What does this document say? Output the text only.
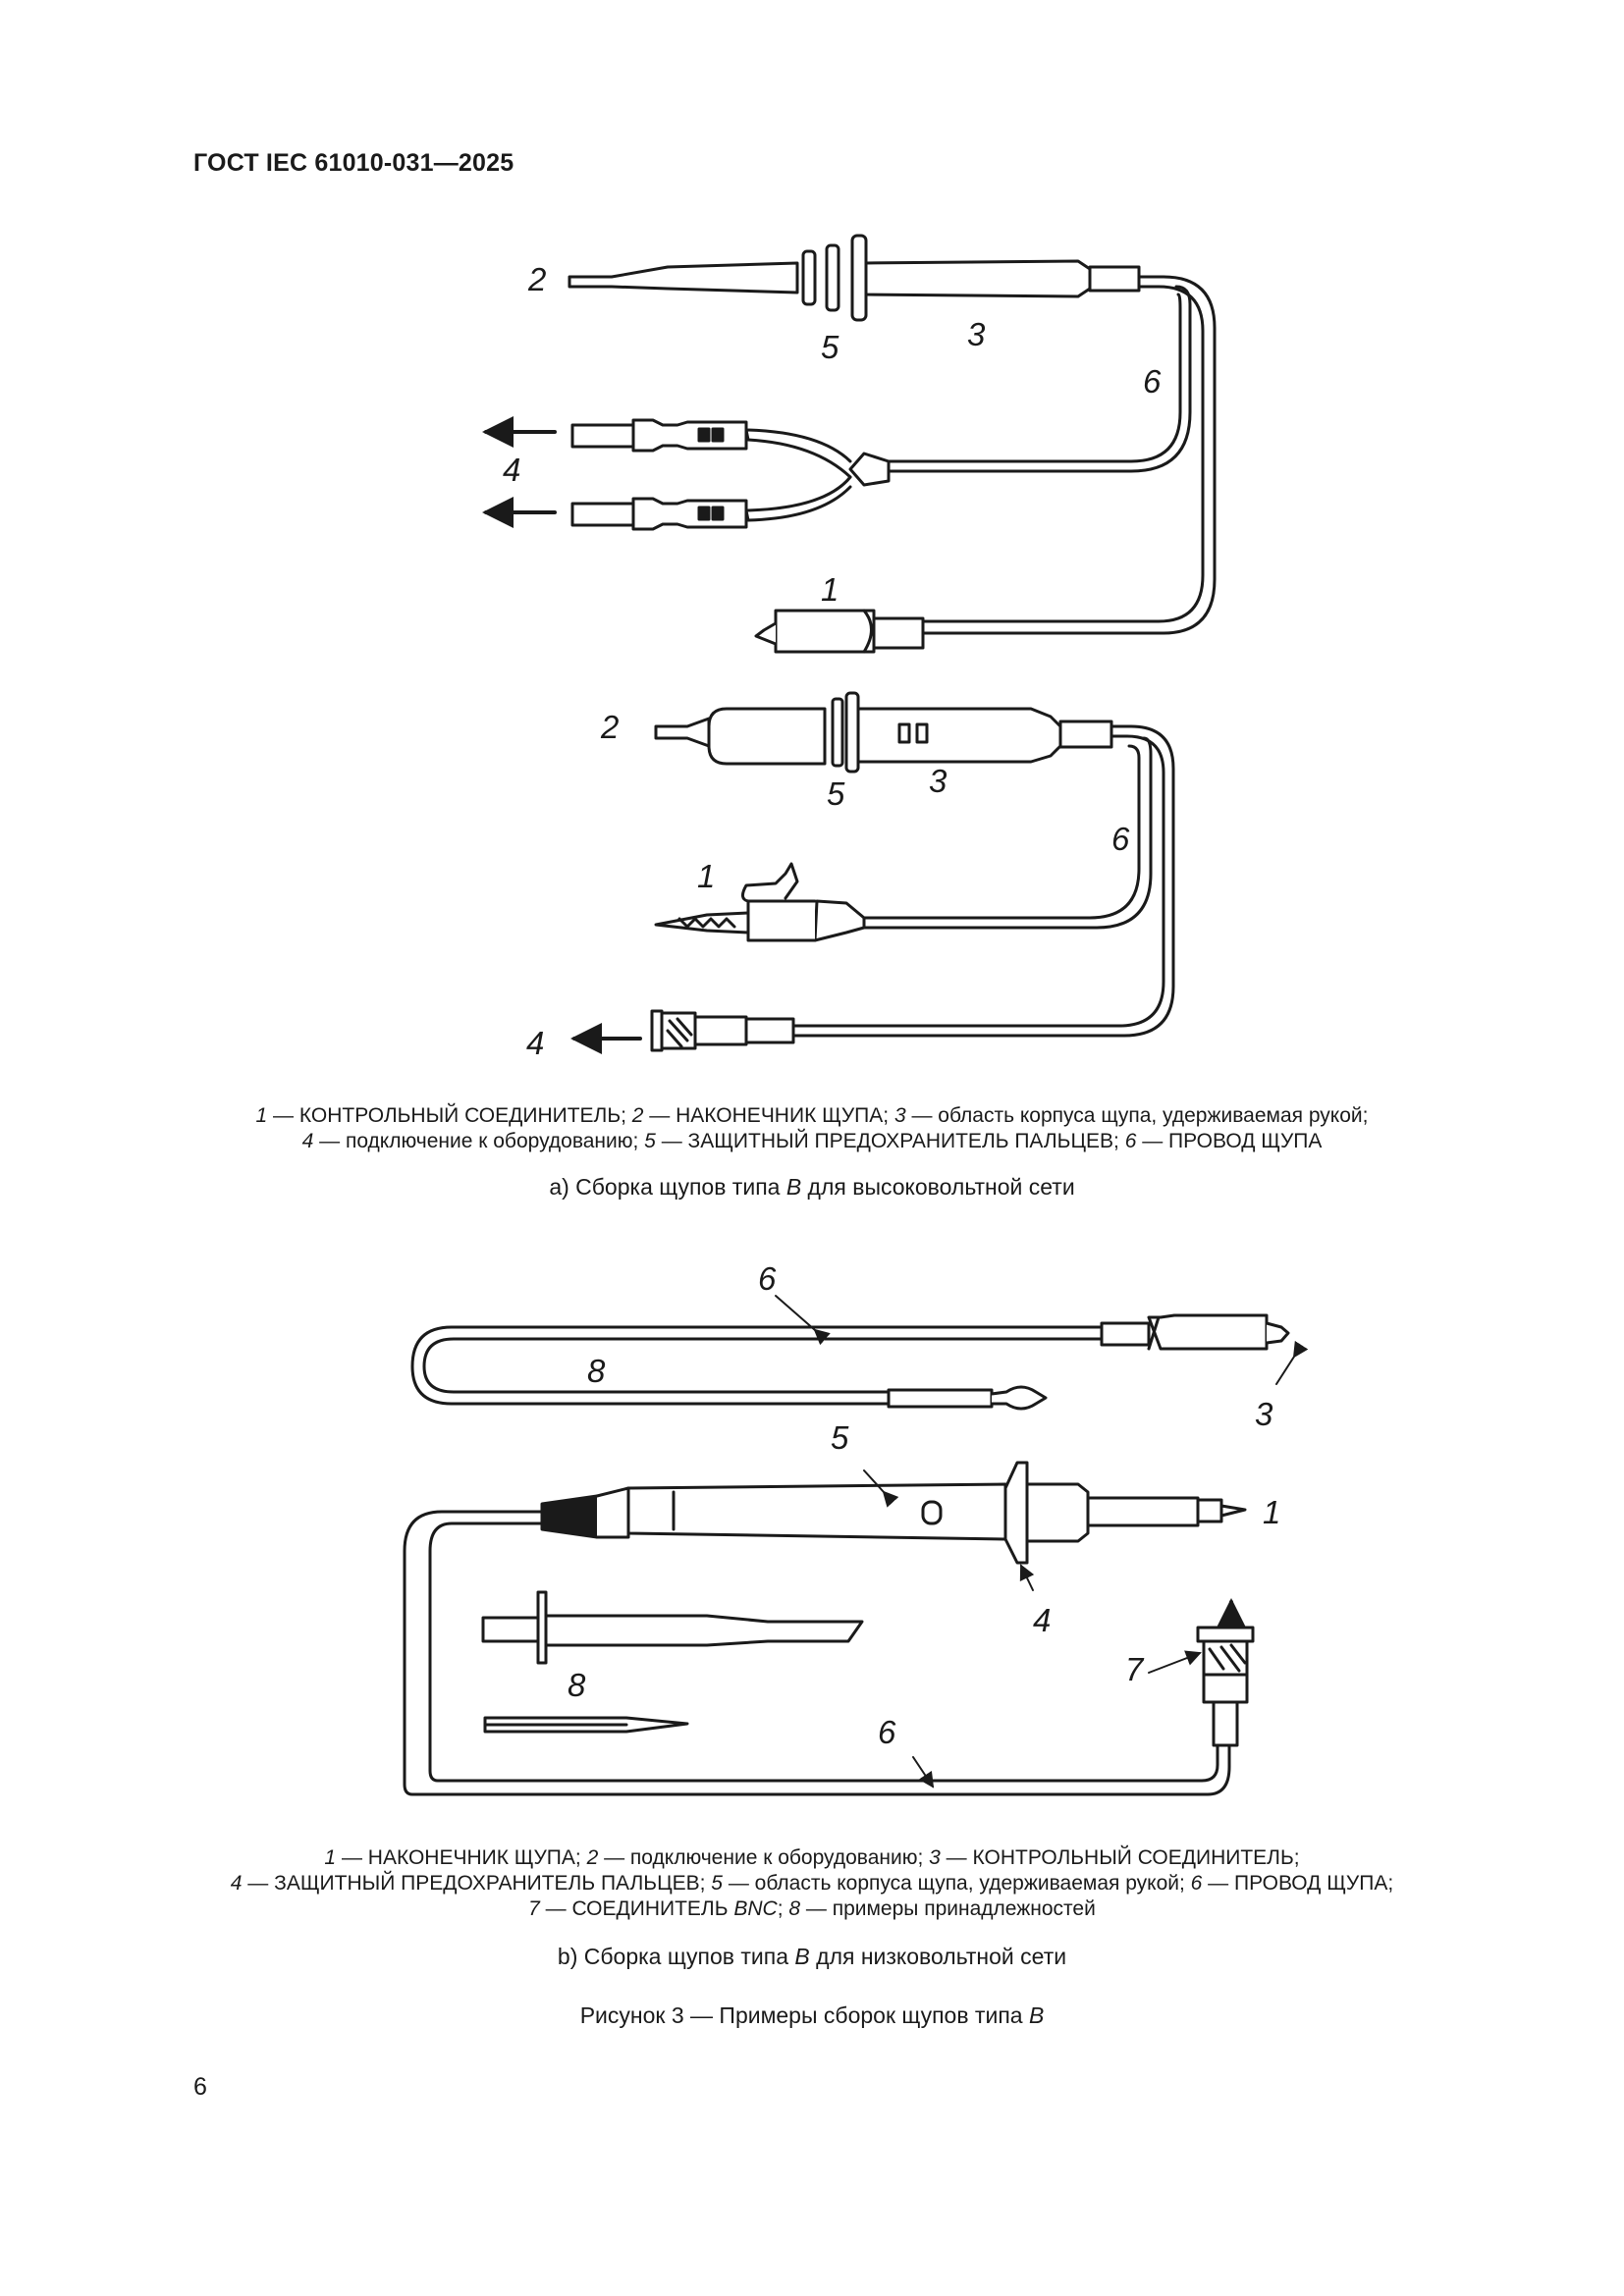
ГОСТ IEC 61010-031—2025
2
5	3
6
4
1
2
5	3
6
1
4
6
8
3
5
1
4
7
8
6
1 — КОНТРОЛЬНЫЙ СОЕДИНИТЕЛЬ; 2 — НАКОНЕЧНИК ЩУПА; 3 — область корпуса щупа, удерживаемая рукой;
4 — подключение к оборудованию; 5 — ЗАЩИТНЫЙ ПРЕДОХРАНИТЕЛЬ ПАЛЬЦЕВ; 6 — ПРОВОД ЩУПА
а) Сборка щупов типа B для высоковольтной сети
1 — НАКОНЕЧНИК ЩУПА; 2 — подключение к оборудованию; 3 — КОНТРОЛЬНЫЙ СОЕДИНИТЕЛЬ;
4 — ЗАЩИТНЫЙ ПРЕДОХРАНИТЕЛЬ ПАЛЬЦЕВ; 5 — область корпуса щупа, удерживаемая рукой; 6 — ПРОВОД ЩУПА;
7 — СОЕДИНИТЕЛЬ BNC; 8 — примеры принадлежностей
b) Сборка щупов типа B для низковольтной сети
Рисунок 3 — Примеры сборок щупов типа B
6
